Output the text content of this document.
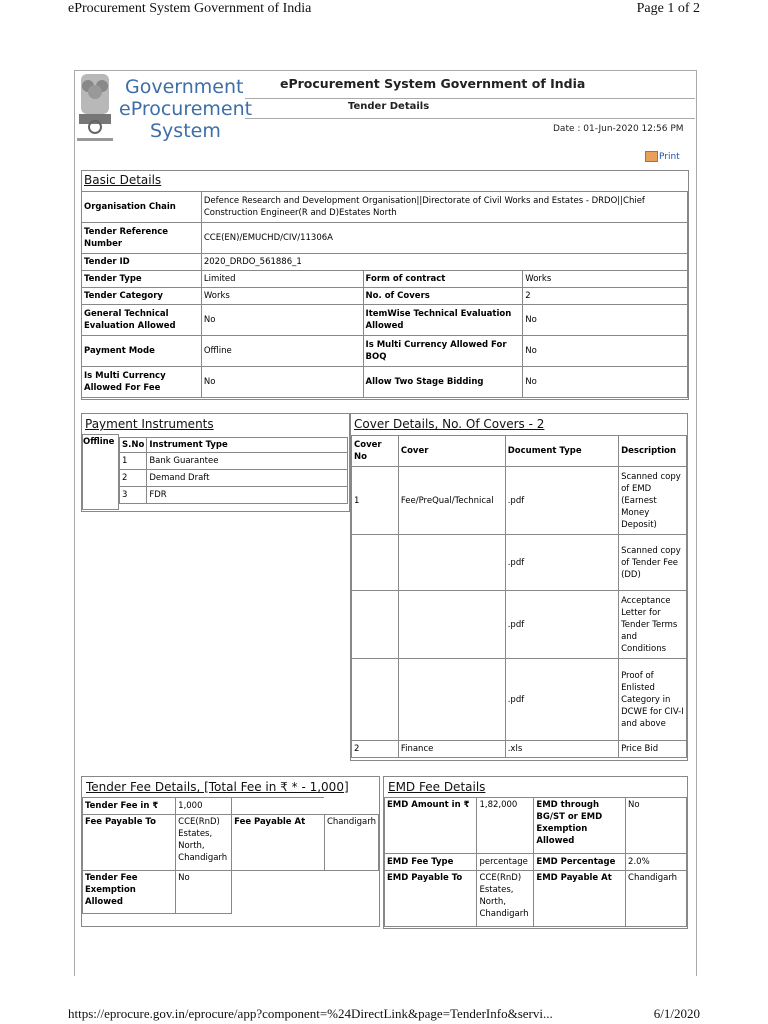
eProcurement System Government of India	Page 1 of 2
Government
eProcurement
System
eProcurement System Government of India
Tender Details
Date : 01-Jun-2020 12:56 PM
Print
Basic Details
Organisation Chain	Defence Research and Development Organisation||Directorate of Civil Works and Estates - DRDO||Chief Construction Engineer(R and D)Estates North		
Tender Reference Number	CCE(EN)/EMUCHD/CIV/11306A		
Tender ID	2020_DRDO_561886_1		
Tender Type	Limited	Form of contract	Works
Tender Category	Works	No. of Covers	2
General Technical Evaluation Allowed	No	ItemWise Technical Evaluation Allowed	No
Payment Mode	Offline	Is Multi Currency Allowed For BOQ	No
Is Multi Currency Allowed For Fee	No	Allow Two Stage Bidding	No
Payment Instruments
Offline S.No	Instrument Type
1	Bank Guarantee
2	Demand Draft
3	FDR
Cover Details, No. Of Covers - 2
Cover No	Cover	Document Type	Description
1	Fee/PreQual/Technical	.pdf	Scanned copy of EMD (Earnest Money Deposit)
		.pdf	Scanned copy of Tender Fee (DD)
		.pdf	Acceptance Letter for Tender Terms and Conditions
		.pdf	Proof of Enlisted Category in DCWE for CIV-I and above
2	Finance	.xls	Price Bid
Tender Fee Details, [Total Fee in ₹ * - 1,000]
Tender Fee in ₹	1,000		
Fee Payable To	CCE(RnD) Estates, North, Chandigarh	Fee Payable At	Chandigarh
Tender Fee Exemption Allowed	No		
EMD Fee Details
EMD Amount in ₹	1,82,000	EMD through BG/ST or EMD Exemption Allowed	No
EMD Fee Type	percentage	EMD Percentage	2.0%
EMD Payable To	CCE(RnD) Estates, North, Chandigarh	EMD Payable At	Chandigarh
https://eprocure.gov.in/eprocure/app?component=%24DirectLink&page=TenderInfo&servi...	6/1/2020
